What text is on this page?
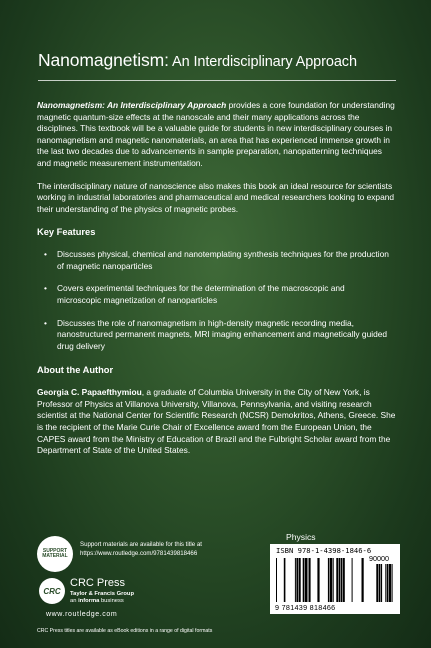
Nanomagnetism: An Interdisciplinary Approach

Nanomagnetism: An Interdisciplinary Approach provides a core foundation for understanding magnetic quantum-size effects at the nanoscale and their many applications across the disciplines. This textbook will be a valuable guide for students in new interdisciplinary courses in nanomagnetism and magnetic nanomaterials, an area that has experienced immense growth in the last two decades due to advancements in sample preparation, nanopatterning techniques and magnetic measurement instrumentation.

The interdisciplinary nature of nanoscience also makes this book an ideal resource for scientists working in industrial laboratories and pharmaceutical and medical researchers looking to expand their understanding of the physics of magnetic probes.

Key Features
• Discusses physical, chemical and nanotemplating synthesis techniques for the production of magnetic nanoparticles
• Covers experimental techniques for the determination of the macroscopic and microscopic magnetization of nanoparticles
• Discusses the role of nanomagnetism in high-density magnetic recording media, nanostructured permanent magnets, MRI imaging enhancement and magnetically guided drug delivery
About the Author

Georgia C. Papaefthymiou, a graduate of Columbia University in the City of New York, is Professor of Physics at Villanova University, Villanova, Pennsylvania, and visiting research scientist at the National Center for Scientific Research (NCSR) Demokritos, Athens, Greece. She is the recipient of the Marie Curie Chair of Excellence award from the European Union, the CAPES award from the Ministry of Education of Brazil and the Fulbright Scholar award from the Department of State of the United States.

SUPPORT MATERIAL
Support materials are available for this title at
https://www.routledge.com/9781439818466
CRC
CRC Press
Taylor & Francis Group
an informa business
www.routledge.com
CRC Press titles are available as eBook editions in a range of digital formats
Physics
ISBN 978-1-4398-1846-6
90000
9 781439 818466
